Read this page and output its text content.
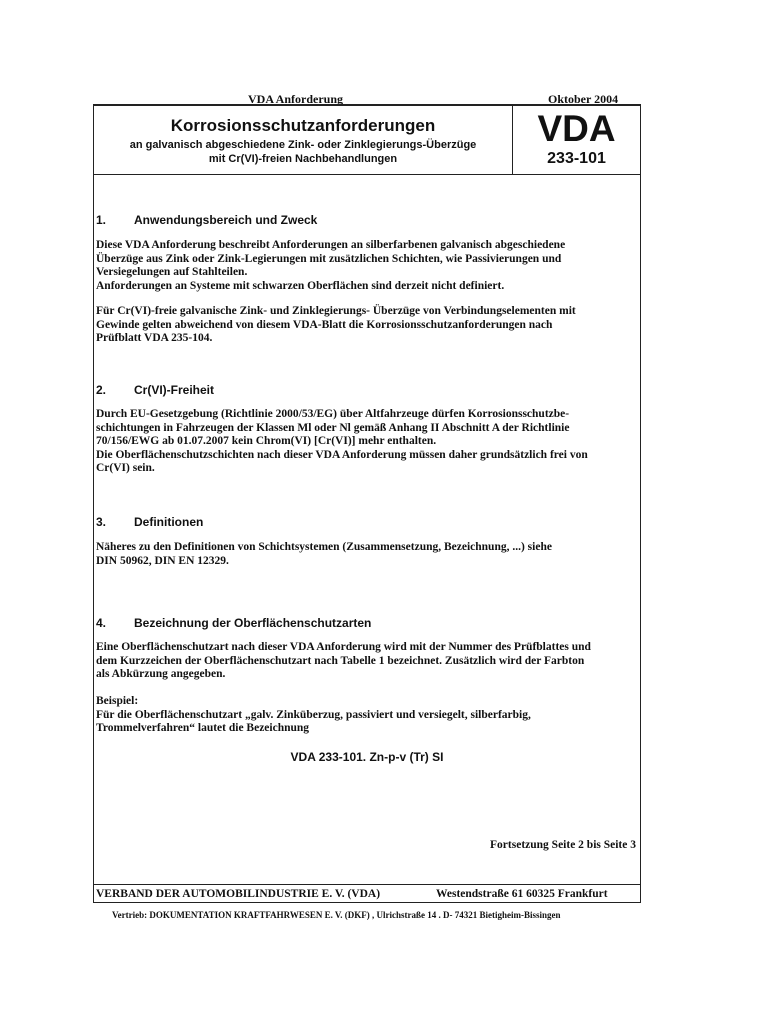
VDA Anforderung	Oktober 2004
Korrosionsschutzanforderungen
an galvanisch abgeschiedene Zink- oder Zinklegierungs-Überzüge
mit Cr(VI)-freien Nachbehandlungen
VDA
233-101
1. Anwendungsbereich und Zweck
Diese VDA Anforderung beschreibt Anforderungen an silberfarbenen galvanisch abgeschiedene
Überzüge aus Zink oder Zink-Legierungen mit zusätzlichen Schichten, wie Passivierungen und
Versiegelungen auf Stahlteilen.
Anforderungen an Systeme mit schwarzen Oberflächen sind derzeit nicht definiert.
Für Cr(VI)-freie galvanische Zink- und Zinklegierungs- Überzüge von Verbindungselementen mit
Gewinde gelten abweichend von diesem VDA-Blatt die Korrosionsschutzanforderungen nach
Prüfblatt VDA 235-104.
2. Cr(VI)-Freiheit
Durch EU-Gesetzgebung (Richtlinie 2000/53/EG) über Altfahrzeuge dürfen Korrosionsschutzbe-
schichtungen in Fahrzeugen der Klassen Ml oder Nl gemäß Anhang II Abschnitt A der Richtlinie
70/156/EWG ab 01.07.2007 kein Chrom(VI) [Cr(VI)] mehr enthalten.
Die Oberflächenschutzschichten nach dieser VDA Anforderung müssen daher grundsätzlich frei von
Cr(VI) sein.
3. Definitionen
Näheres zu den Definitionen von Schichtsystemen (Zusammensetzung, Bezeichnung, ...) siehe
DIN 50962, DIN EN 12329.
4. Bezeichnung der Oberflächenschutzarten
Eine Oberflächenschutzart nach dieser VDA Anforderung wird mit der Nummer des Prüfblattes und
dem Kurzzeichen der Oberflächenschutzart nach Tabelle 1 bezeichnet. Zusätzlich wird der Farbton
als Abkürzung angegeben.
Beispiel:
Für die Oberflächenschutzart „galv. Zinküberzug, passiviert und versiegelt, silberfarbig,
Trommelverfahren“ lautet die Bezeichnung
VDA 233-101. Zn-p-v (Tr) SI
Fortsetzung Seite 2 bis Seite 3
VERBAND DER AUTOMOBILINDUSTRIE E. V. (VDA)	Westendstraße 61 60325 Frankfurt
Vertrieb: DOKUMENTATION KRAFTFAHRWESEN E. V. (DKF) , Ulrichstraße 14 . D- 74321 Bietigheim-Bissingen
